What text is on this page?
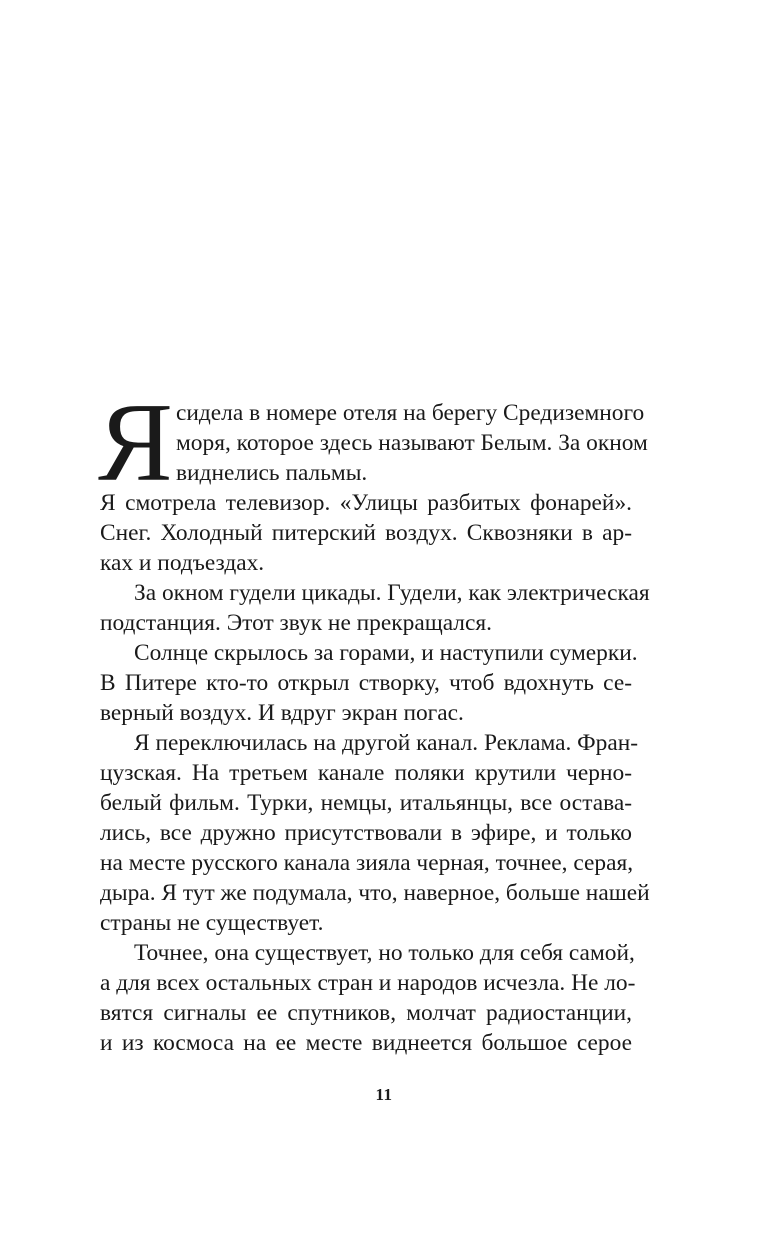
Я сидела в номере отеля на берегу Средиземного
моря, которое здесь называют Белым. За окном
виднелись пальмы.
Я смотрела телевизор. «Улицы разбитых фонарей».
Снег. Холодный питерский воздух. Сквозняки в ар-
ках и подъездах.
За окном гудели цикады. Гудели, как электрическая
подстанция. Этот звук не прекращался.
Солнце скрылось за горами, и наступили сумерки.
В Питере кто-то открыл створку, чтоб вдохнуть се-
верный воздух. И вдруг экран погас.
Я переключилась на другой канал. Реклама. Фран-
цузская. На третьем канале поляки крутили черно-
белый фильм. Турки, немцы, итальянцы, все остава-
лись, все дружно присутствовали в эфире, и только
на месте русского канала зияла черная, точнее, серая,
дыра. Я тут же подумала, что, наверное, больше нашей
страны не существует.
Точнее, она существует, но только для себя самой,
а для всех остальных стран и народов исчезла. Не ло-
вятся сигналы ее спутников, молчат радиостанции,
и из космоса на ее месте виднеется большое серое
11
